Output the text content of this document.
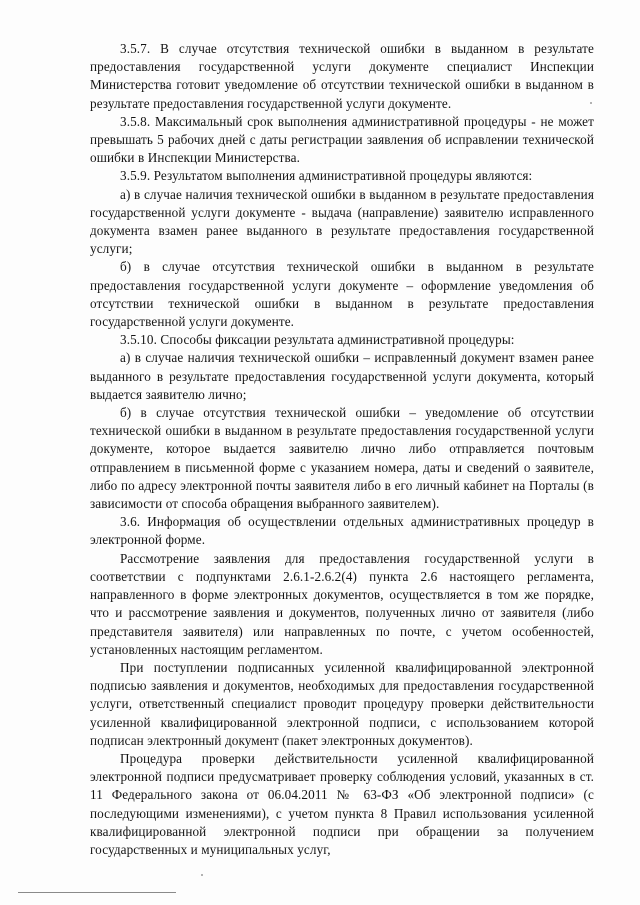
3.5.7. В случае отсутствия технической ошибки в выданном в результате предоставления государственной услуги документе специалист Инспекции Министерства готовит уведомление об отсутствии технической ошибки в выданном в результате предоставления государственной услуги документе.

3.5.8. Максимальный срок выполнения административной процедуры - не может превышать 5 рабочих дней с даты регистрации заявления об исправлении технической ошибки в Инспекции Министерства.

3.5.9. Результатом выполнения административной процедуры являются:

а) в случае наличия технической ошибки в выданном в результате предоставления государственной услуги документе - выдача (направление) заявителю исправленного документа взамен ранее выданного в результате предоставления государственной услуги;

б) в случае отсутствия технической ошибки в выданном в результате предоставления государственной услуги документе – оформление уведомления об отсутствии технической ошибки в выданном в результате предоставления государственной услуги документе.

3.5.10. Способы фиксации результата административной процедуры:

а) в случае наличия технической ошибки – исправленный документ взамен ранее выданного в результате предоставления государственной услуги документа, который выдается заявителю лично;

б) в случае отсутствия технической ошибки – уведомление об отсутствии технической ошибки в выданном в результате предоставления государственной услуги документе, которое выдается заявителю лично либо отправляется почтовым отправлением в письменной форме с указанием номера, даты и сведений о заявителе, либо по адресу электронной почты заявителя либо в его личный кабинет на Порталы (в зависимости от способа обращения выбранного заявителем).

3.6. Информация об осуществлении отдельных административных процедур в электронной форме.

Рассмотрение заявления для предоставления государственной услуги в соответствии с подпунктами 2.6.1-2.6.2(4) пункта 2.6 настоящего регламента, направленного в форме электронных документов, осуществляется в том же порядке, что и рассмотрение заявления и документов, полученных лично от заявителя (либо представителя заявителя) или направленных по почте, с учетом особенностей, установленных настоящим регламентом.

При поступлении подписанных усиленной квалифицированной электронной подписью заявления и документов, необходимых для предоставления государственной услуги, ответственный специалист проводит процедуру проверки действительности усиленной квалифицированной электронной подписи, с использованием которой подписан электронный документ (пакет электронных документов).

Процедура проверки действительности усиленной квалифицированной электронной подписи предусматривает проверку соблюдения условий, указанных в ст. 11 Федерального закона от 06.04.2011 № 63-ФЗ «Об электронной подписи» (с последующими изменениями), с учетом пункта 8 Правил использования усиленной квалифицированной электронной подписи при обращении за получением государственных и муниципальных услуг,
